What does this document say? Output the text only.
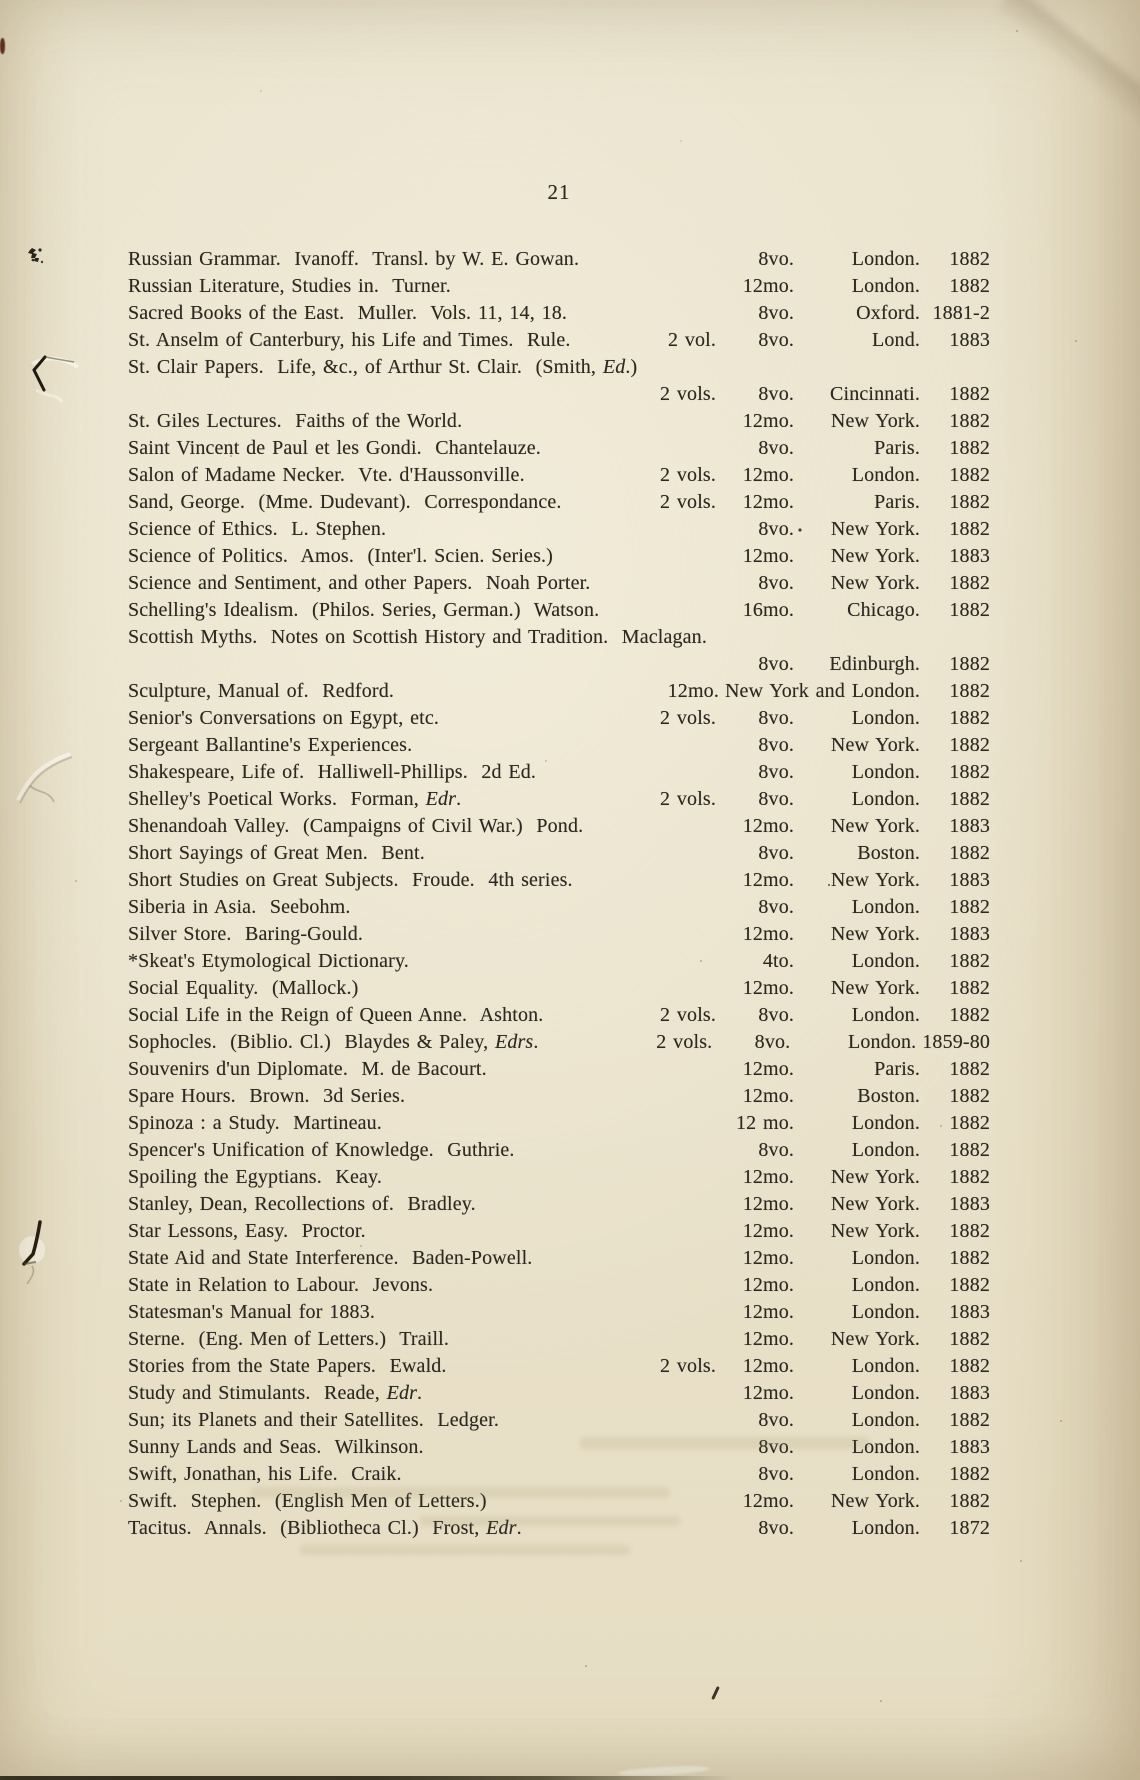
21
Russian Grammar.  Ivanoff.  Transl. by W. E. Gowan.	8vo.	London.	1882
Russian Literature, Studies in.  Turner.	12mo.	London.	1882
Sacred Books of the East.  Muller.  Vols. 11, 14, 18.	8vo.	Oxford. 1881-2
St. Anselm of Canterbury, his Life and Times.  Rule.	2 vol.	8vo.	Lond.	1883
St. Clair Papers.  Life, &c., of Arthur St. Clair.  (Smith, Ed.)
2 vols.	8vo.	Cincinnati.	1882
St. Giles Lectures.  Faiths of the World.	12mo.	New York.	1882
Saint Vincent de Paul et les Gondi.  Chantelauze.	8vo.	Paris.	1882
Salon of Madame Necker.  Vte. d'Haussonville.	2 vols.	12mo.	London.	1882
Sand, George.  (Mme. Dudevant).  Correspondance.	2 vols.	12mo.	Paris.	1882
Science of Ethics.  L. Stephen.	8vo.	New York.	1882
Science of Politics.  Amos.  (Inter'l. Scien. Series.)	12mo.	New York.	1883
Science and Sentiment, and other Papers.  Noah Porter.	8vo.	New York.	1882
Schelling's Idealism.  (Philos. Series, German.)  Watson.	16mo.	Chicago.	1882
Scottish Myths.  Notes on Scottish History and Tradition.  Maclagan.
8vo.	Edinburgh.	1882
Sculpture, Manual of.  Redford.	12mo. New York and London.	1882
Senior's Conversations on Egypt, etc.	2 vols.	8vo.	London.	1882
Sergeant Ballantine's Experiences.	8vo.	New York.	1882
Shakespeare, Life of.  Halliwell-Phillips.  2d Ed.	8vo.	London.	1882
Shelley's Poetical Works.  Forman, Edr.	2 vols.	8vo.	London.	1882
Shenandoah Valley.  (Campaigns of Civil War.)  Pond.	12mo.	New York.	1883
Short Sayings of Great Men.  Bent.	8vo.	Boston.	1882
Short Studies on Great Subjects.  Froude.  4th series.	12mo.	New York.	1883
Siberia in Asia.  Seebohm.	8vo.	London.	1882
Silver Store.  Baring-Gould.	12mo.	New York.	1883
*Skeat's Etymological Dictionary.	4to.	London.	1882
Social Equality.  (Mallock.)	12mo.	New York.	1882
Social Life in the Reign of Queen Anne.  Ashton.	2 vols.	8vo.	London.	1882
Sophocles.  (Biblio. Cl.)  Blaydes & Paley, Edrs.	2 vols.	8vo.	London. 1859-80
Souvenirs d'un Diplomate.  M. de Bacourt.	12mo.	Paris.	1882
Spare Hours.  Brown.  3d Series.	12mo.	Boston.	1882
Spinoza : a Study.  Martineau.	12 mo.	London.	1882
Spencer's Unification of Knowledge.  Guthrie.	8vo.	London.	1882
Spoiling the Egyptians.  Keay.	12mo.	New York.	1882
Stanley, Dean, Recollections of.  Bradley.	12mo.	New York.	1883
Star Lessons, Easy.  Proctor.	12mo.	New York.	1882
State Aid and State Interference.  Baden-Powell.	12mo.	London.	1882
State in Relation to Labour.  Jevons.	12mo.	London.	1882
Statesman's Manual for 1883.	12mo.	London.	1883
Sterne.  (Eng. Men of Letters.)  Traill.	12mo.	New York.	1882
Stories from the State Papers.  Ewald.	2 vols.	12mo.	London.	1882
Study and Stimulants.  Reade, Edr.	12mo.	London.	1883
Sun; its Planets and their Satellites.  Ledger.	8vo.	London.	1882
Sunny Lands and Seas.  Wilkinson.	8vo.	London.	1883
Swift, Jonathan, his Life.  Craik.	8vo.	London.	1882
Swift.  Stephen.  (English Men of Letters.)	12mo.	New York.	1882
Tacitus.  Annals.  (Bibliotheca Cl.)  Frost, Edr.	8vo.	London.	1872
